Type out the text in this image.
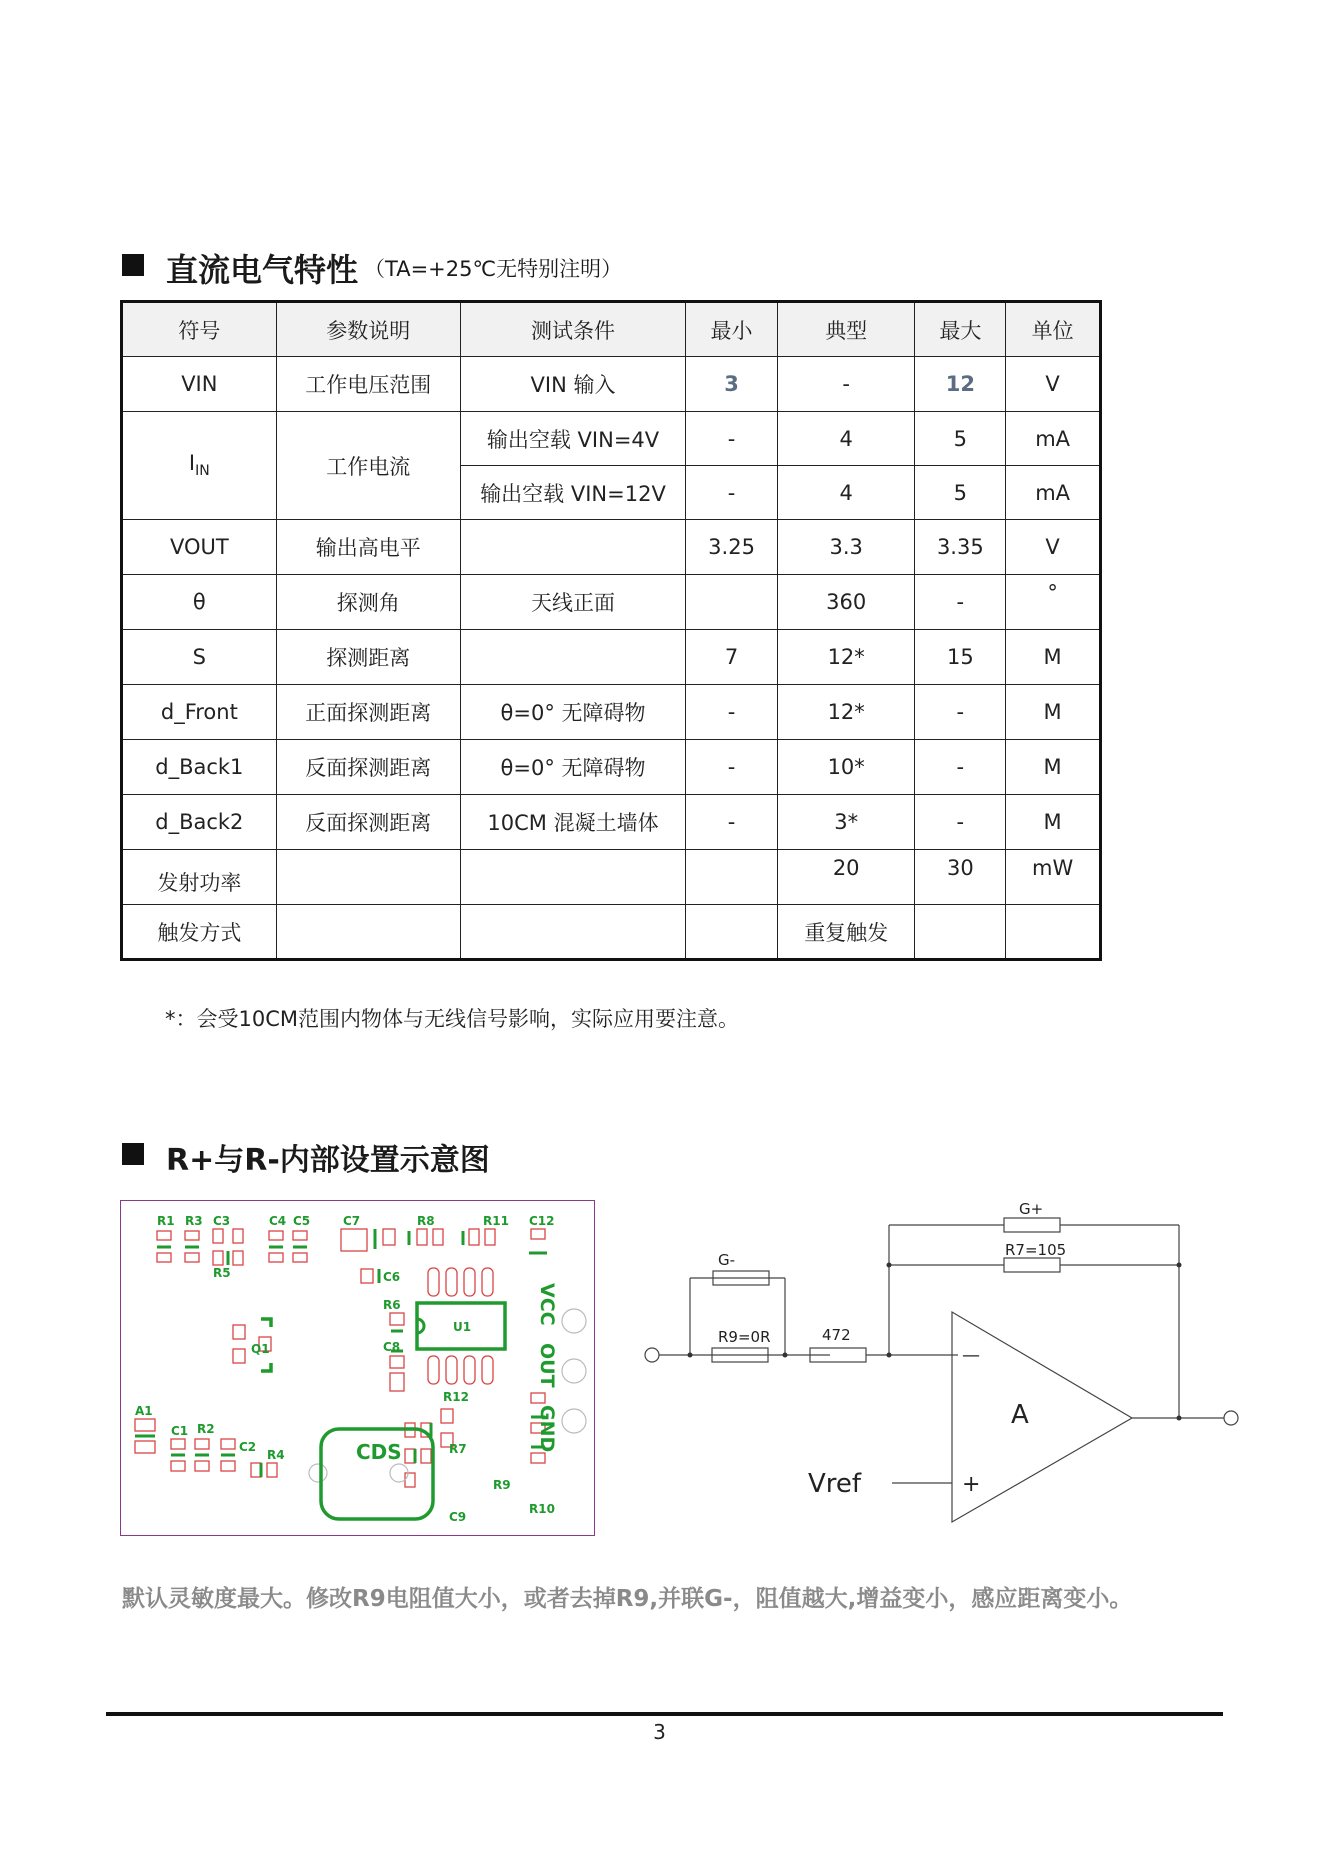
直流电气特性 （TA=+25℃无特别注明）
符号	参数说明	测试条件	最小	典型	最大	单位
VIN	工作电压范围	VIN 输入	3	-	12	V
$I_{IN}$	工作电流	输出空载 VIN=4V	-	4	5	mA
		输出空载 VIN=12V	-	4	5	mA
VOUT	输出高电平		3.25	3.3	3.35	V
θ	探测角	天线正面		360	-	°
S	探测距离		7	12*	15	M
d_Front	正面探测距离	θ=0° 无障碍物	-	12*	-	M
d_Back1	反面探测距离	θ=0° 无障碍物	-	10*	-	M
d_Back2	反面探测距离	10CM 混凝土墙体	-	3*	-	M
发射功率				20	30	mW
触发方式				重复触发		
*：会受10CM范围内物体与无线信号影响，实际应用要注意。
R+与R-内部设置示意图
R1 R3 C3	C4 C5	C7	R8	R11 C12
R5	C6
R6
U1
Q1	C8
R12
A1
C1 R2
C2
R4	CDS	R7
C9
R9
R10
VCC
OUT
GND
G+
R7=105
G-
R9=0R	472
A
Vref
—
+
默认灵敏度最大。修改R9电阻值大小，或者去掉R9,并联G-，阻值越大,增益变小，感应距离变小。
3
